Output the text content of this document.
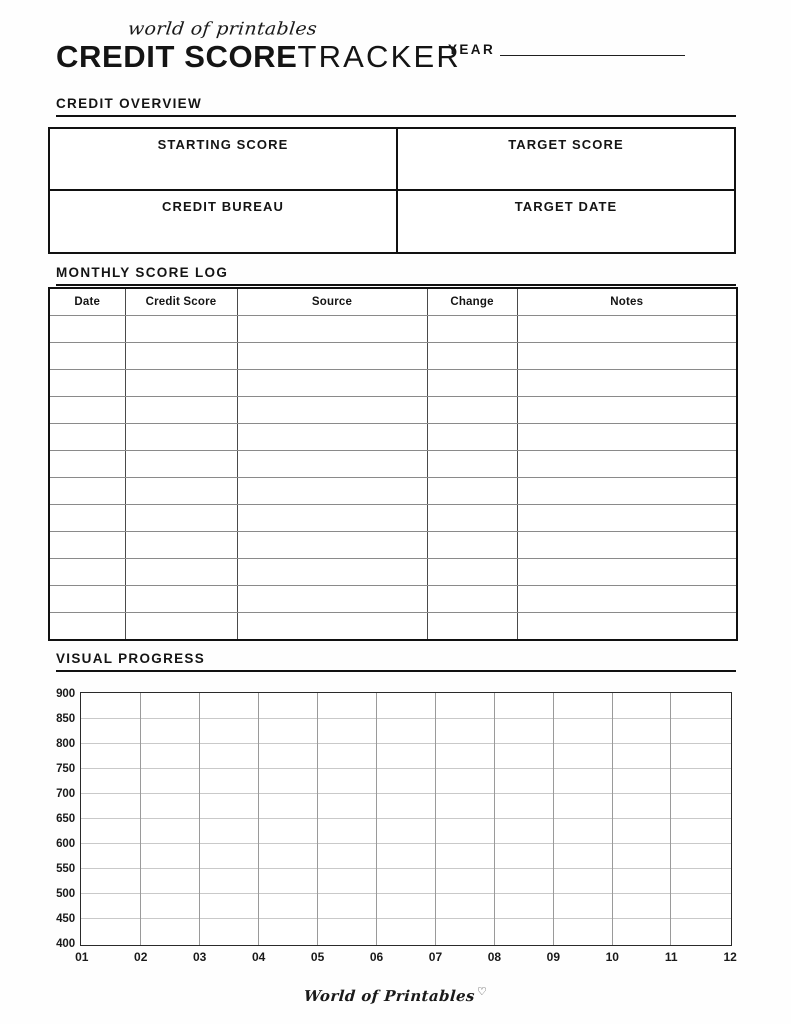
world of printables
CREDIT SCORETRACKER
YEAR
CREDIT OVERVIEW
STARTING SCORE	TARGET SCORE
CREDIT BUREAU	TARGET DATE
MONTHLY SCORE LOG
Date	Credit Score	Source	Change	Notes

VISUAL PROGRESS
900
850
800
750
700
650
600
550
500
450
400
01	02	03	04	05	06	07	08	09	10	11	12
World of Printables♡
